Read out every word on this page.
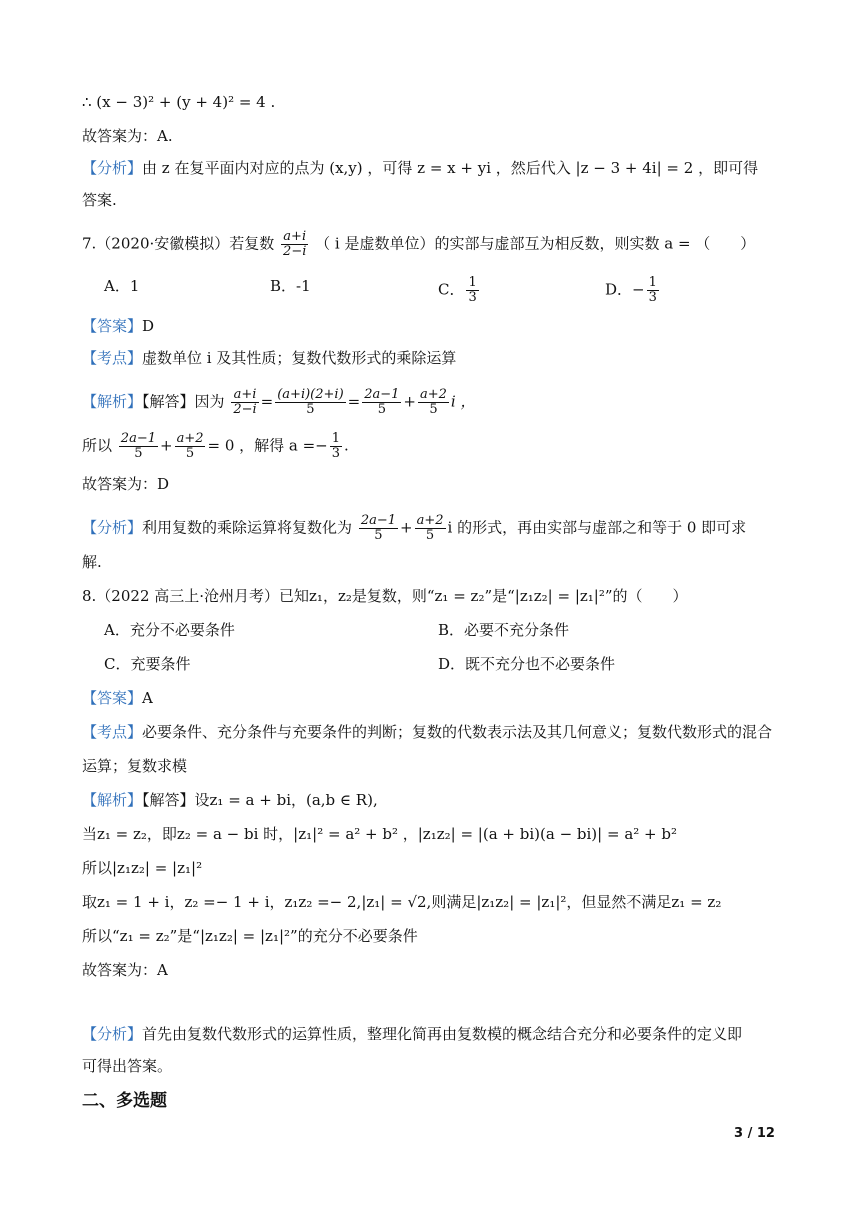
∴ (x − 3)² + (y + 4)² = 4 .
故答案为：A.
【分析】由 z 在复平面内对应的点为 (x,y) ，可得 z = x + yi ，然后代入 |z − 3 + 4i| = 2 ，即可得
答案.
7.（2020·安徽模拟）若复数 $\frac{a+i}{2-i}$ （ i 是虚数单位）的实部与虚部互为相反数，则实数 a = （　　）
A．1	B．-1	C． $\frac{1}{3}$	D．− $\frac{1}{3}$
【答案】D
【考点】虚数单位 i 及其性质；复数代数形式的乘除运算
【解析】【解答】因为 $\frac{a+i}{2-i} = \frac{(a+i)(2+i)}{5} = \frac{2a-1}{5} + \frac{a+2}{5}$ i ，
所以 $\frac{2a-1}{5} + \frac{a+2}{5} = 0$ ，解得 $a =- \frac{1}{3}$ .
故答案为：D
【分析】利用复数的乘除运算将复数化为 $\frac{2a-1}{5} + \frac{a+2}{5}$ i 的形式，再由实部与虚部之和等于 0 即可求
解.
8.（2022 高三上·沧州月考）已知z₁，z₂是复数，则“z₁ = z₂”是“|z₁z₂| = |z₁|²”的（　　）
A．充分不必要条件	B．必要不充分条件
C．充要条件	D．既不充分也不必要条件
【答案】A
【考点】必要条件、充分条件与充要条件的判断；复数的代数表示法及其几何意义；复数代数形式的混合
运算；复数求模
【解析】【解答】设z₁ = a + bi，(a,b ∈ R),
当z₁ = z₂，即z₂ = a − bi 时，|z₁|² = a² + b² ，|z₁z₂| = |(a + bi)(a − bi)| = a² + b²
所以|z₁z₂| = |z₁|²
取z₁ = 1 + i，z₂ =− 1 + i，z₁z₂ =− 2,|z₁| = √2,则满足|z₁z₂| = |z₁|²，但显然不满足z₁ = z₂
所以“z₁ = z₂”是“|z₁z₂| = |z₁|²”的充分不必要条件
故答案为：A
【分析】首先由复数代数形式的运算性质，整理化简再由复数模的概念结合充分和必要条件的定义即
可得出答案。
二、多选题
3 / 12
